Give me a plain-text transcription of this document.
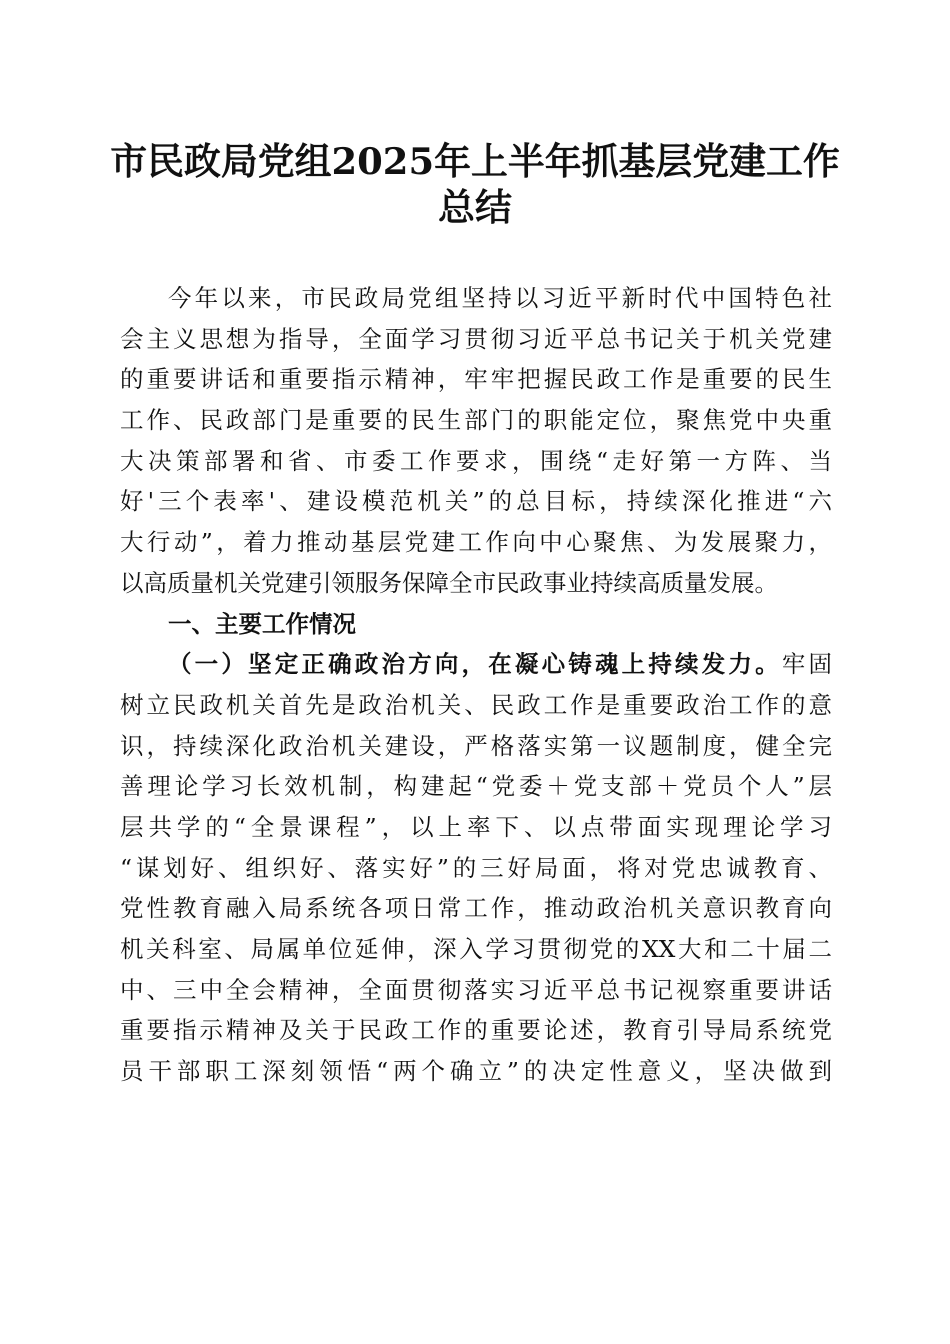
市民政局党组2025年上半年抓基层党建工作
总结
今年以来，市民政局党组坚持以习近平新时代中国特色社
会主义思想为指导，全面学习贯彻习近平总书记关于机关党建
的重要讲话和重要指示精神，牢牢把握民政工作是重要的民生
工作、民政部门是重要的民生部门的职能定位，聚焦党中央重
大决策部署和省、市委工作要求，围绕“走好第一方阵、当
好'三个表率'、建设模范机关”的总目标，持续深化推进“六
大行动”，着力推动基层党建工作向中心聚焦、为发展聚力，
以高质量机关党建引领服务保障全市民政事业持续高质量发展。
一、主要工作情况
（一）坚定正确政治方向，在凝心铸魂上持续发力。牢固
树立民政机关首先是政治机关、民政工作是重要政治工作的意
识，持续深化政治机关建设，严格落实第一议题制度，健全完
善理论学习长效机制，构建起“党委＋党支部＋党员个人”层
层共学的“全景课程”，以上率下、以点带面实现理论学习
“谋划好、组织好、落实好”的三好局面，将对党忠诚教育、
党性教育融入局系统各项日常工作，推动政治机关意识教育向
机关科室、局属单位延伸，深入学习贯彻党的XX大和二十届二
中、三中全会精神，全面贯彻落实习近平总书记视察重要讲话
重要指示精神及关于民政工作的重要论述，教育引导局系统党
员干部职工深刻领悟“两个确立”的决定性意义，坚决做到
